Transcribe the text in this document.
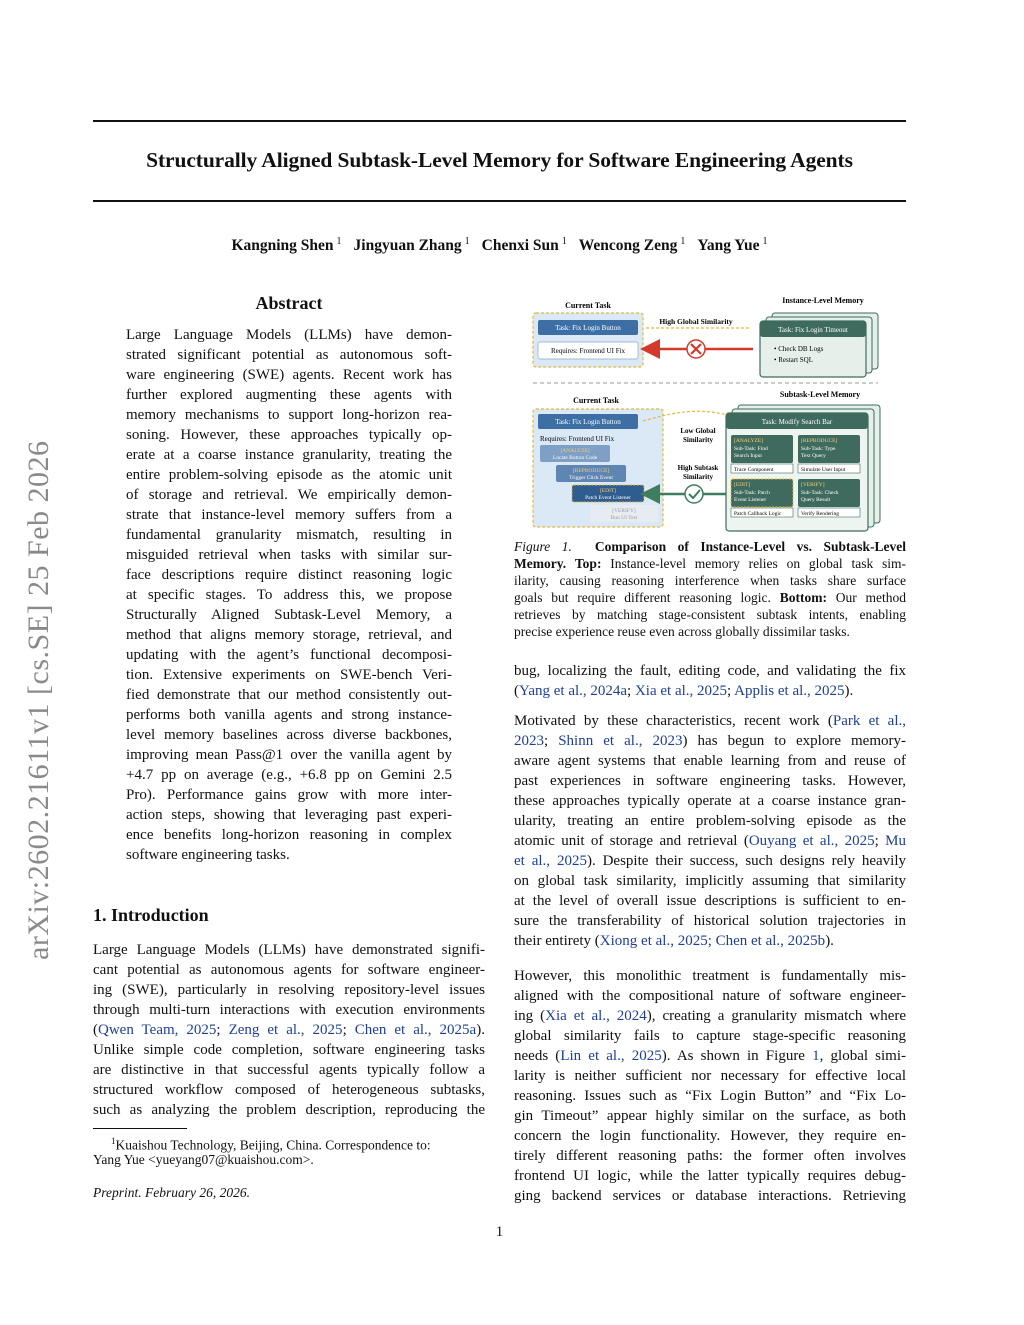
Structurally Aligned Subtask-Level Memory for Software Engineering Agents
Kangning Shen $^1$ Jingyuan Zhang $^1$ Chenxi Sun $^1$ Wencong Zeng $^1$ Yang Yue $^1$
arXiv:2602.21611v1 [cs.SE] 25 Feb 2026
Abstract
Large Language Models (LLMs) have demon-
strated significant potential as autonomous soft-
ware engineering (SWE) agents. Recent work has
further explored augmenting these agents with
memory mechanisms to support long-horizon rea-
soning. However, these approaches typically op-
erate at a coarse instance granularity, treating the
entire problem-solving episode as the atomic unit
of storage and retrieval. We empirically demon-
strate that instance-level memory suffers from a
fundamental granularity mismatch, resulting in
misguided retrieval when tasks with similar sur-
face descriptions require distinct reasoning logic
at specific stages. To address this, we propose
Structurally Aligned Subtask-Level Memory, a
method that aligns memory storage, retrieval, and
updating with the agent’s functional decomposi-
tion. Extensive experiments on SWE-bench Veri-
fied demonstrate that our method consistently out-
performs both vanilla agents and strong instance-
level memory baselines across diverse backbones,
improving mean Pass@1 over the vanilla agent by
+4.7 pp on average (e.g., +6.8 pp on Gemini 2.5
Pro). Performance gains grow with more inter-
action steps, showing that leveraging past experi-
ence benefits long-horizon reasoning in complex
software engineering tasks.
1. Introduction
Large Language Models (LLMs) have demonstrated signifi-
cant potential as autonomous agents for software engineer-
ing (SWE), particularly in resolving repository-level issues
through multi-turn interactions with execution environments
(Qwen Team, 2025; Zeng et al., 2025; Chen et al., 2025a).
Unlike simple code completion, software engineering tasks
are distinctive in that successful agents typically follow a
structured workflow composed of heterogeneous subtasks,
such as analyzing the problem description, reproducing the
bug, localizing the fault, editing code, and validating the fix
(Yang et al., 2024a; Xia et al., 2025; Applis et al., 2025).
Motivated by these characteristics, recent work (Park et al.,
2023; Shinn et al., 2023) has begun to explore memory-
aware agent systems that enable learning from and reuse of
past experiences in software engineering tasks. However,
these approaches typically operate at a coarse instance gran-
ularity, treating an entire problem-solving episode as the
atomic unit of storage and retrieval (Ouyang et al., 2025; Mu
et al., 2025). Despite their success, such designs rely heavily
on global task similarity, implicitly assuming that similarity
at the level of overall issue descriptions is sufficient to en-
sure the transferability of historical solution trajectories in
their entirety (Xiong et al., 2025; Chen et al., 2025b).
However, this monolithic treatment is fundamentally mis-
aligned with the compositional nature of software engineer-
ing (Xia et al., 2024), creating a granularity mismatch where
global similarity fails to capture stage-specific reasoning
needs (Lin et al., 2025). As shown in Figure 1, global simi-
larity is neither sufficient nor necessary for effective local
reasoning. Issues such as “Fix Login Button” and “Fix Lo-
gin Timeout” appear highly similar on the surface, as both
concern the login functionality. However, they require en-
tirely different reasoning paths: the former often involves
frontend UI logic, while the latter typically requires debug-
ging backend services or database interactions. Retrieving
$^1$Kuaishou Technology, Beijing, China. Correspondence to:
Yang Yue <yueyang07@kuaishou.com>.
Preprint. February 26, 2026.
1
Current Task
Instance-Level Memory
Task: Fix Login Button
Requires: Frontend UI Fix
High Global Similarity
Task: Fix Login Timeout
• Check DB Logs
• Restart SQL
Current Task
Subtask-Level Memory
Task: Fix Login Button
Requires: Frontend UI Fix
[ANALYZE]
Locate Button Code
[REPRODUCE]
Trigger Click Event
[EDIT]
Patch Event Listener
[VERIFY]
Run UI Test
Low Global
Similarity
High Subtask
Similarity
Task: Modify Search Bar
[ANALYZE]
Sub-Task: Find
Search Input
Trace Component
[REPRODUCE]
Sub-Task: Type
Text Query
Simulate User Input
[EDIT]
Sub-Task: Patch
Event Listener
Patch Callback Logic
[VERIFY]
Sub-Task: Check
Query Result
Verify Rendering
Figure 1. Comparison of Instance-Level vs. Subtask-Level
Memory. Top: Instance-level memory relies on global task sim-
ilarity, causing reasoning interference when tasks share surface
goals but require different reasoning logic. Bottom: Our method
retrieves by matching stage-consistent subtask intents, enabling
precise experience reuse even across globally dissimilar tasks.
